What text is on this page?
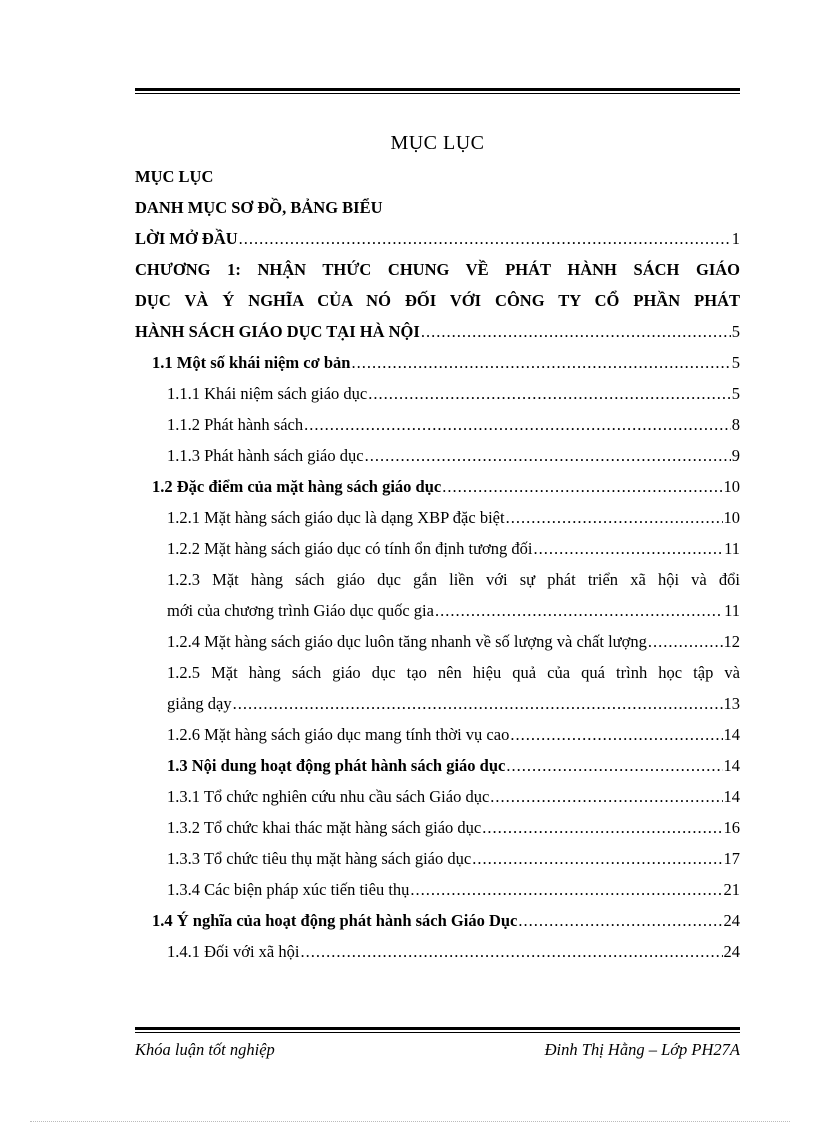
MỤC LỤC
MỤC LỤC
DANH MỤC SƠ ĐỒ, BẢNG BIỂU
LỜI MỞ ĐẦU .....	1
CHƯƠNG 1: NHẬN THỨC CHUNG VỀ PHÁT HÀNH SÁCH GIÁO
DỤC VÀ Ý NGHĨA CỦA NÓ ĐỐI VỚI CÔNG TY CỔ PHẦN PHÁT
HÀNH SÁCH GIÁO DỤC TẠI HÀ NỘI .....	5
1.1 Một số khái niệm cơ bản .....	5
1.1.1 Khái niệm sách giáo dục .....	5
1.1.2 Phát hành sách .....	8
1.1.3 Phát hành sách giáo dục .....	9
1.2 Đặc điểm của mặt hàng sách giáo dục .....	10
1.2.1 Mặt hàng sách giáo dục là dạng XBP đặc biệt .....	10
1.2.2 Mặt hàng sách giáo dục có tính ổn định tương đối .....	11
1.2.3 Mặt hàng sách giáo dục gắn liền với sự phát triển xã hội và đổi
mới của chương trình Giáo dục quốc gia .....	11
1.2.4 Mặt hàng sách giáo dục luôn tăng nhanh về số lượng và chất lượng .....	12
1.2.5 Mặt hàng sách giáo dục tạo nên hiệu quả của quá trình học tập và
giảng dạy .....	13
1.2.6 Mặt hàng sách giáo dục mang tính thời vụ cao .....	14
1.3 Nội dung hoạt động phát hành sách giáo dục .....	14
1.3.1 Tổ chức nghiên cứu nhu cầu sách Giáo dục .....	14
1.3.2 Tổ chức khai thác mặt hàng sách giáo dục .....	16
1.3.3 Tổ chức tiêu thụ mặt hàng sách giáo dục .....	17
1.3.4 Các biện pháp xúc tiến tiêu thụ .....	21
1.4 Ý nghĩa của hoạt động phát hành sách Giáo Dục .....	24
1.4.1 Đối với xã hội .....	24
Khóa luận tốt nghiệp	Đinh Thị Hằng – Lớp PH27A
